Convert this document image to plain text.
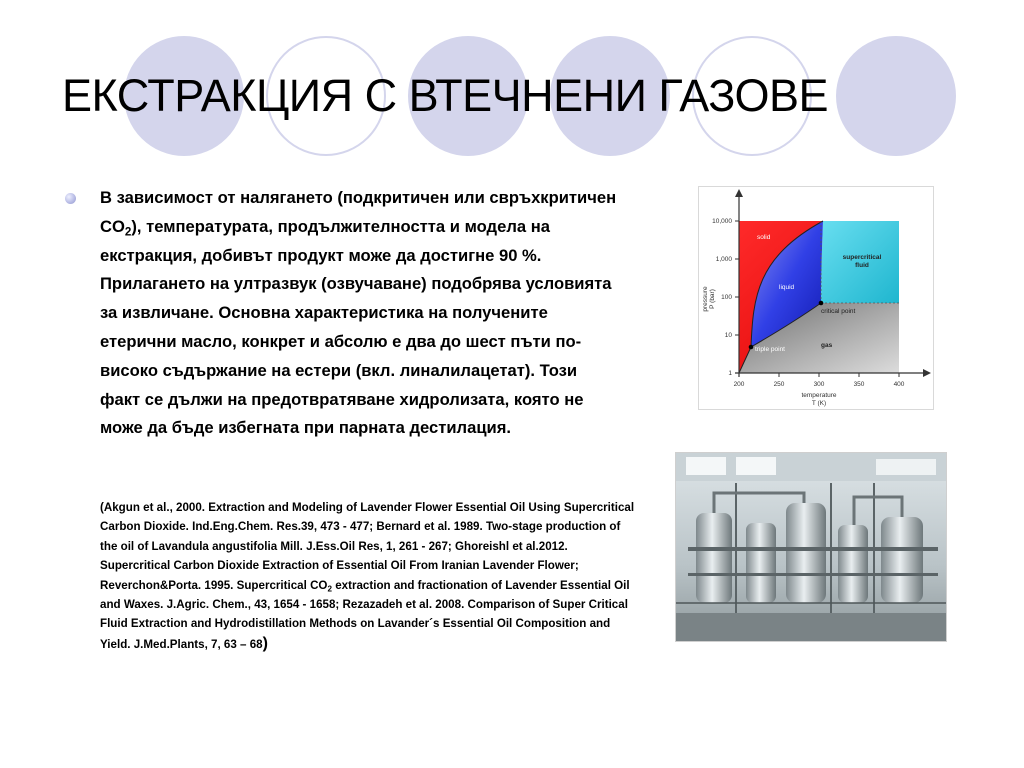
ЕКСТРАКЦИЯ С ВТЕЧНЕНИ ГАЗОВЕ
В зависимост от налягането (подкритичен или свръхкритичен $CO_2$), температурата, продължителността и модела на екстракция, добивът продукт може да достигне 90 %. Прилагането на ултразвук (озвучаване) подобрява условията за извличане. Основна характеристика на получените етерични масло, конкрет и абсолю е два до шест пъти по-високо съдържание на естери (вкл. линалилацетат). Този факт се дължи на предотвратяване хидролизата, която не може да бъде избегната при парната дестилация.
(Akgun et al., 2000. Extraction and Modeling of Lavender Flower Essential Oil Using Supercritical Carbon Dioxide. Ind.Eng.Chem. Res.39, 473 - 477; Bernard et al. 1989. Two-stage production of the oil of Lavandula angustifolia Mill. J.Ess.Oil Res, 1, 261 - 267; Ghoreishl et al.2012. Supercritical Carbon Dioxide Extraction of Essential Oil From Iranian Lavender Flower; Reverchon&Porta. 1995. Supercritical $CO_2$ extraction and fractionation of Lavender Essential Oil and Waxes. J.Agric. Chem., 43, 1654 - 1658; Rezazadeh et al. 2008. Comparison of Super Critical Fluid Extraction and Hydrodistillation Methods on Lavander´s Essential Oil Composition and Yield. J.Med.Plants, 7, 63 – 68)
10,000
1,000
100
10
1
200	250	300	350	400
temperature
T (K)
pressure P (bar)
solid
liquid
supercritical
fluid
critical point
gas
triple point
